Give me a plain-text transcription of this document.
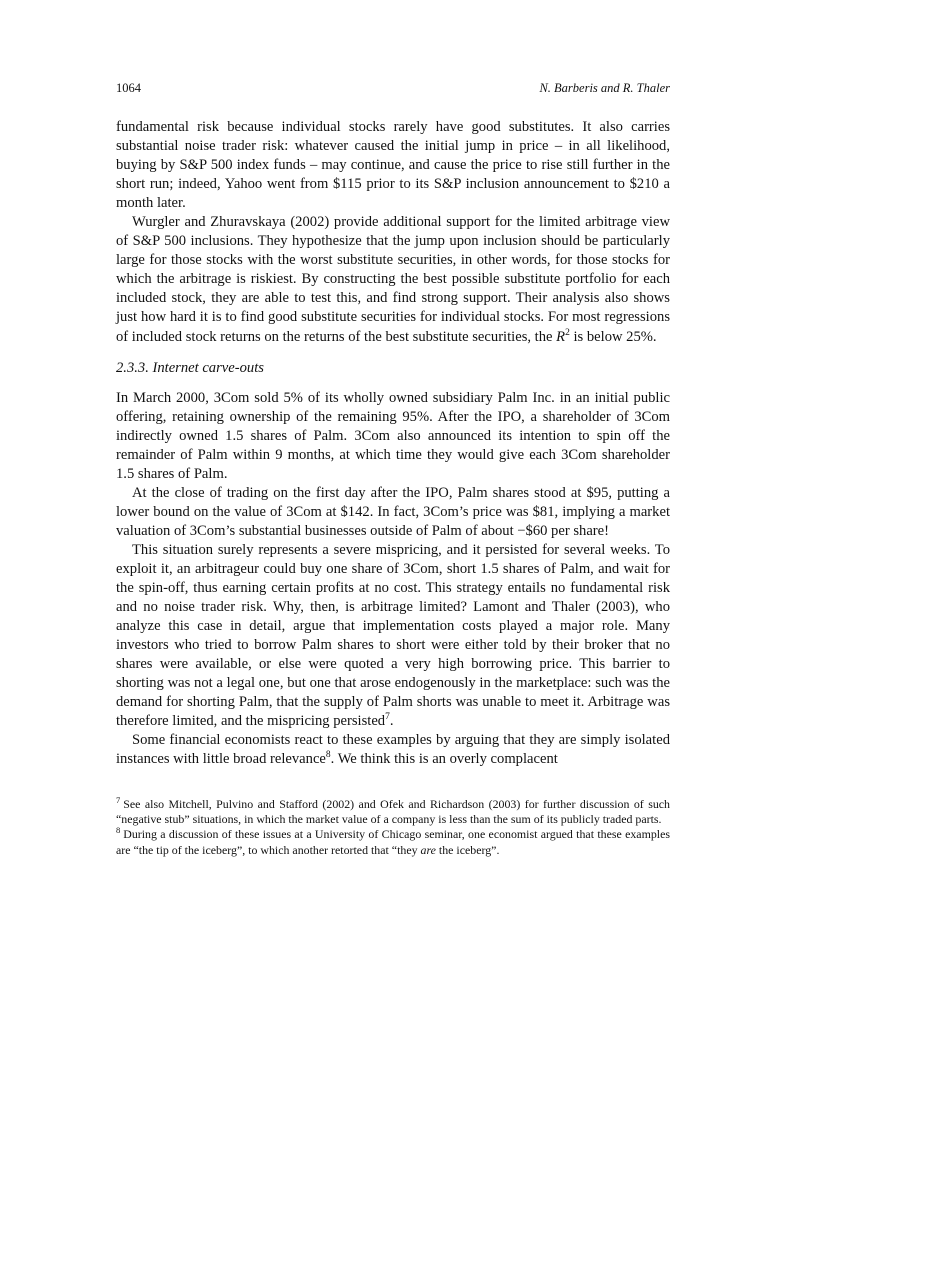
1064	N. Barberis and R. Thaler

fundamental risk because individual stocks rarely have good substitutes. It also carries substantial noise trader risk: whatever caused the initial jump in price – in all likelihood, buying by S&P 500 index funds – may continue, and cause the price to rise still further in the short run; indeed, Yahoo went from $115 prior to its S&P inclusion announcement to $210 a month later.

Wurgler and Zhuravskaya (2002) provide additional support for the limited arbitrage view of S&P 500 inclusions. They hypothesize that the jump upon inclusion should be particularly large for those stocks with the worst substitute securities, in other words, for those stocks for which the arbitrage is riskiest. By constructing the best possible substitute portfolio for each included stock, they are able to test this, and find strong support. Their analysis also shows just how hard it is to find good substitute securities for individual stocks. For most regressions of included stock returns on the returns of the best substitute securities, the $R^2$ is below 25%.

2.3.3. Internet carve-outs

In March 2000, 3Com sold 5% of its wholly owned subsidiary Palm Inc. in an initial public offering, retaining ownership of the remaining 95%. After the IPO, a shareholder of 3Com indirectly owned 1.5 shares of Palm. 3Com also announced its intention to spin off the remainder of Palm within 9 months, at which time they would give each 3Com shareholder 1.5 shares of Palm.

At the close of trading on the first day after the IPO, Palm shares stood at $95, putting a lower bound on the value of 3Com at $142. In fact, 3Com’s price was $81, implying a market valuation of 3Com’s substantial businesses outside of Palm of about −$60 per share!

This situation surely represents a severe mispricing, and it persisted for several weeks. To exploit it, an arbitrageur could buy one share of 3Com, short 1.5 shares of Palm, and wait for the spin-off, thus earning certain profits at no cost. This strategy entails no fundamental risk and no noise trader risk. Why, then, is arbitrage limited? Lamont and Thaler (2003), who analyze this case in detail, argue that implementation costs played a major role. Many investors who tried to borrow Palm shares to short were either told by their broker that no shares were available, or else were quoted a very high borrowing price. This barrier to shorting was not a legal one, but one that arose endogenously in the marketplace: such was the demand for shorting Palm, that the supply of Palm shorts was unable to meet it. Arbitrage was therefore limited, and the mispricing persisted$^7$.

Some financial economists react to these examples by arguing that they are simply isolated instances with little broad relevance$^8$. We think this is an overly complacent

$^7$ See also Mitchell, Pulvino and Stafford (2002) and Ofek and Richardson (2003) for further discussion of such “negative stub” situations, in which the market value of a company is less than the sum of its publicly traded parts.

$^8$ During a discussion of these issues at a University of Chicago seminar, one economist argued that these examples are “the tip of the iceberg”, to which another retorted that “they are the iceberg”.
